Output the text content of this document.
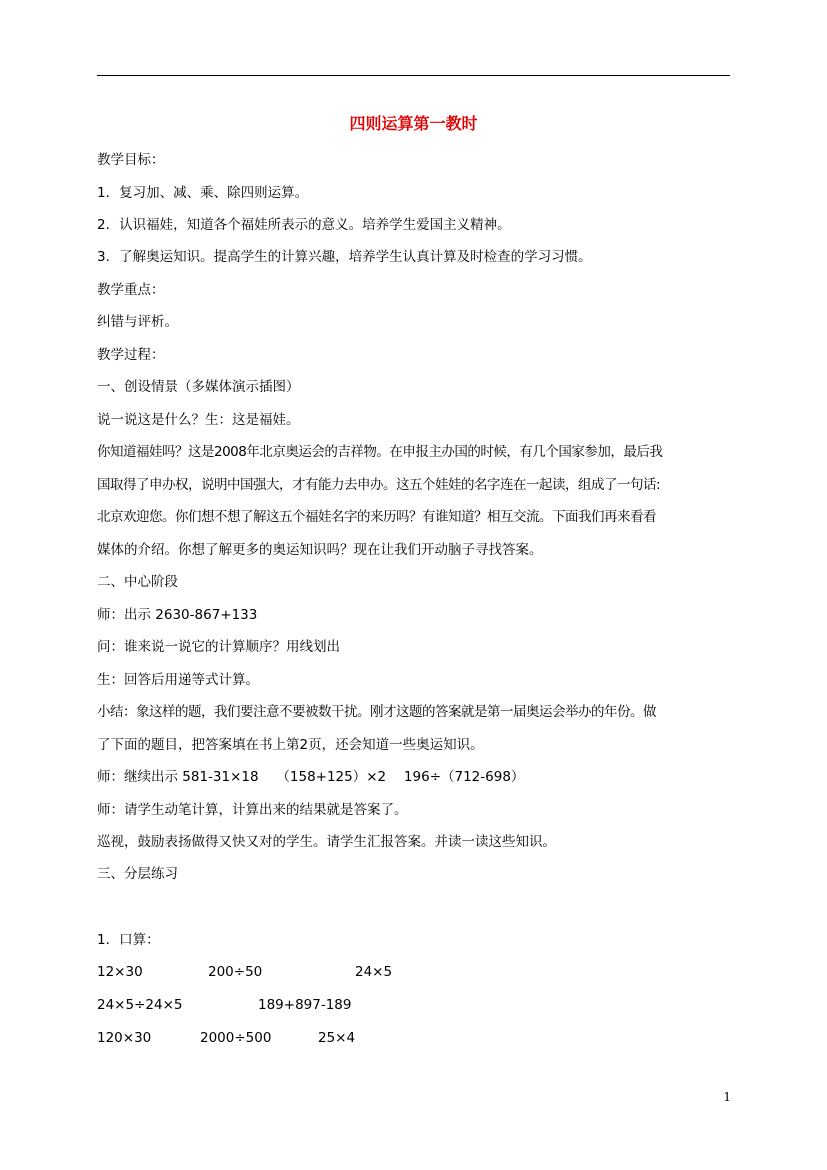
四则运算第一教时
教学目标：
1．复习加、减、乘、除四则运算。
2．认识福娃，知道各个福娃所表示的意义。培养学生爱国主义精神。
3．了解奥运知识。提高学生的计算兴趣，培养学生认真计算及时检查的学习习惯。
教学重点：
纠错与评析。
教学过程：
一、创设情景（多媒体演示插图）
说一说这是什么？生：这是福娃。
你知道福娃吗？这是2008年北京奥运会的吉祥物。在申报主办国的时候，有几个国家参加，最后我
国取得了申办权，说明中国强大，才有能力去申办。这五个娃娃的名字连在一起读，组成了一句话:
北京欢迎您。你们想不想了解这五个福娃名字的来历吗？有谁知道？相互交流。下面我们再来看看
媒体的介绍。你想了解更多的奥运知识吗？现在让我们开动脑子寻找答案。
二、中心阶段
师：出示 2630-867+133
问：谁来说一说它的计算顺序？用线划出
生：回答后用递等式计算。
小结：象这样的题，我们要注意不要被数干扰。刚才这题的答案就是第一届奥运会举办的年份。做
了下面的题目，把答案填在书上第2页，还会知道一些奥运知识。
师：继续出示 581-31×18　 （158+125）×2　 196÷（712-698）
师：请学生动笔计算，计算出来的结果就是答案了。
巡视，鼓励表扬做得又快又对的学生。请学生汇报答案。并读一读这些知识。
三、分层练习
1．口算：
12×30	200÷50	24×5
24×5÷24×5	189+897-189
120×30	2000÷500	25×4
1
